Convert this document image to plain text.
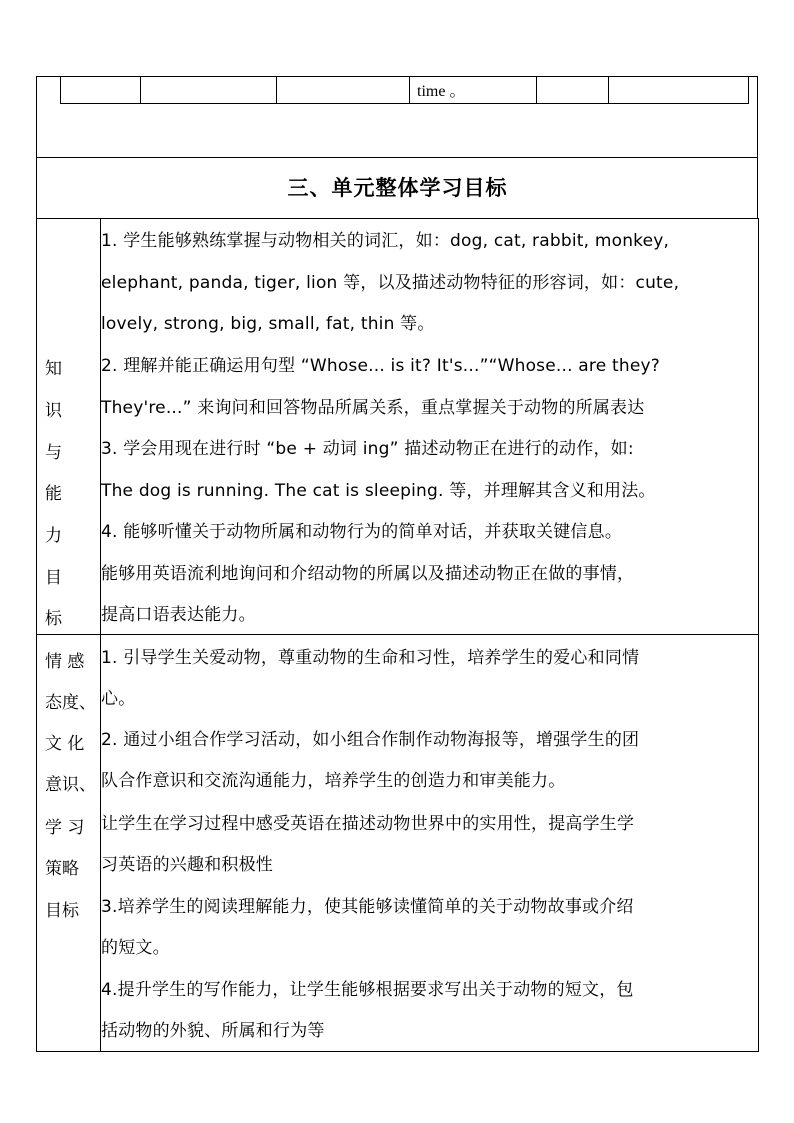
time 。
三、单元整体学习目标
知
识
与
能
力
目
标
1. 学生能够熟练掌握与动物相关的词汇，如：dog, cat, rabbit, monkey,
elephant, panda, tiger, lion 等，以及描述动物特征的形容词，如：cute,
lovely, strong, big, small, fat, thin 等。
2. 理解并能正确运用句型 “Whose... is it? It's...”“Whose... are they?
They're...” 来询问和回答物品所属关系，重点掌握关于动物的所属表达
3. 学会用现在进行时 “be + 动词 ing” 描述动物正在进行的动作，如:
The dog is running. The cat is sleeping. 等，并理解其含义和用法。
4. 能够听懂关于动物所属和动物行为的简单对话，并获取关键信息。
能够用英语流利地询问和介绍动物的所属以及描述动物正在做的事情，
提高口语表达能力。
情 感
态度、
文 化
意识、
学 习
策略
目标
1. 引导学生关爱动物，尊重动物的生命和习性，培养学生的爱心和同情
心。
2. 通过小组合作学习活动，如小组合作制作动物海报等，增强学生的团
队合作意识和交流沟通能力，培养学生的创造力和审美能力。
让学生在学习过程中感受英语在描述动物世界中的实用性，提高学生学
习英语的兴趣和积极性
3.培养学生的阅读理解能力，使其能够读懂简单的关于动物故事或介绍
的短文。
4.提升学生的写作能力，让学生能够根据要求写出关于动物的短文，包
括动物的外貌、所属和行为等
